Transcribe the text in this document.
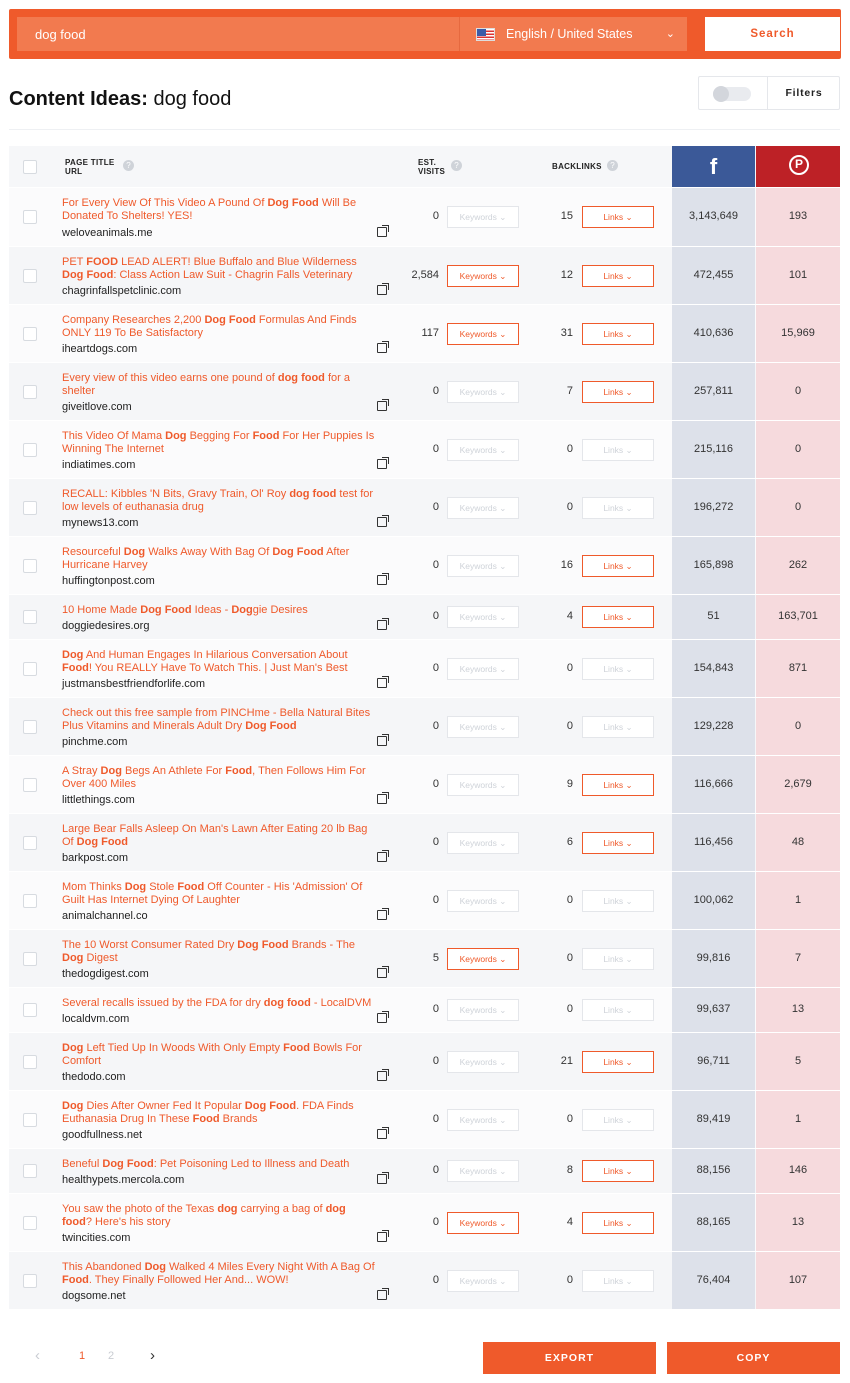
dog food
English / United States	⌄	Search
Content Ideas: dog food	Filters
PAGE TITLE
URL
?	EST.
VISITS
?	BACKLINKS	?	f	P
For Every View Of This Video A Pound Of Dog Food Will Be Donated To Shelters! YES!
weloveanimals.me
0	Keywords ⌄	15	Links ⌄	3,143,649	193
PET FOOD LEAD ALERT! Blue Buffalo and Blue Wilderness Dog Food: Class Action Law Suit - Chagrin Falls Veterinary
chagrinfallspetclinic.com
2,584	Keywords ⌄	12	Links ⌄	472,455	101
Company Researches 2,200 Dog Food Formulas And Finds ONLY 119 To Be Satisfactory
iheartdogs.com
117	Keywords ⌄	31	Links ⌄	410,636	15,969
Every view of this video earns one pound of dog food for a shelter
giveitlove.com
0	Keywords ⌄	7	Links ⌄	257,811	0
This Video Of Mama Dog Begging For Food For Her Puppies Is Winning The Internet
indiatimes.com
0	Keywords ⌄	0	Links ⌄	215,116	0
RECALL: Kibbles 'N Bits, Gravy Train, Ol' Roy dog food test for low levels of euthanasia drug
mynews13.com
0	Keywords ⌄	0	Links ⌄	196,272	0
Resourceful Dog Walks Away With Bag Of Dog Food After Hurricane Harvey
huffingtonpost.com
0	Keywords ⌄	16	Links ⌄	165,898	262
10 Home Made Dog Food Ideas - Doggie Desires
doggiedesires.org
0	Keywords ⌄	4	Links ⌄	51	163,701
Dog And Human Engages In Hilarious Conversation About Food! You REALLY Have To Watch This. | Just Man's Best
justmansbestfriendforlife.com
0	Keywords ⌄	0	Links ⌄	154,843	871
Check out this free sample from PINCHme - Bella Natural Bites Plus Vitamins and Minerals Adult Dry Dog Food
pinchme.com
0	Keywords ⌄	0	Links ⌄	129,228	0
A Stray Dog Begs An Athlete For Food, Then Follows Him For Over 400 Miles
littlethings.com
0	Keywords ⌄	9	Links ⌄	116,666	2,679
Large Bear Falls Asleep On Man's Lawn After Eating 20 lb Bag Of Dog Food
barkpost.com
0	Keywords ⌄	6	Links ⌄	116,456	48
Mom Thinks Dog Stole Food Off Counter - His 'Admission' Of Guilt Has Internet Dying Of Laughter
animalchannel.co
0	Keywords ⌄	0	Links ⌄	100,062	1
The 10 Worst Consumer Rated Dry Dog Food Brands - The Dog Digest
thedogdigest.com
5	Keywords ⌄	0	Links ⌄	99,816	7
Several recalls issued by the FDA for dry dog food - LocalDVM
localdvm.com
0	Keywords ⌄	0	Links ⌄	99,637	13
Dog Left Tied Up In Woods With Only Empty Food Bowls For Comfort
thedodo.com
0	Keywords ⌄	21	Links ⌄	96,711	5
Dog Dies After Owner Fed It Popular Dog Food. FDA Finds Euthanasia Drug In These Food Brands
goodfullness.net
0	Keywords ⌄	0	Links ⌄	89,419	1
Beneful Dog Food: Pet Poisoning Led to Illness and Death
healthypets.mercola.com
0	Keywords ⌄	8	Links ⌄	88,156	146
You saw the photo of the Texas dog carrying a bag of dog food? Here's his story
twincities.com
0	Keywords ⌄	4	Links ⌄	88,165	13
This Abandoned Dog Walked 4 Miles Every Night With A Bag Of Food. They Finally Followed Her And... WOW!
dogsome.net
0	Keywords ⌄	0	Links ⌄	76,404	107
‹	1 2 ›	EXPORT	COPY
